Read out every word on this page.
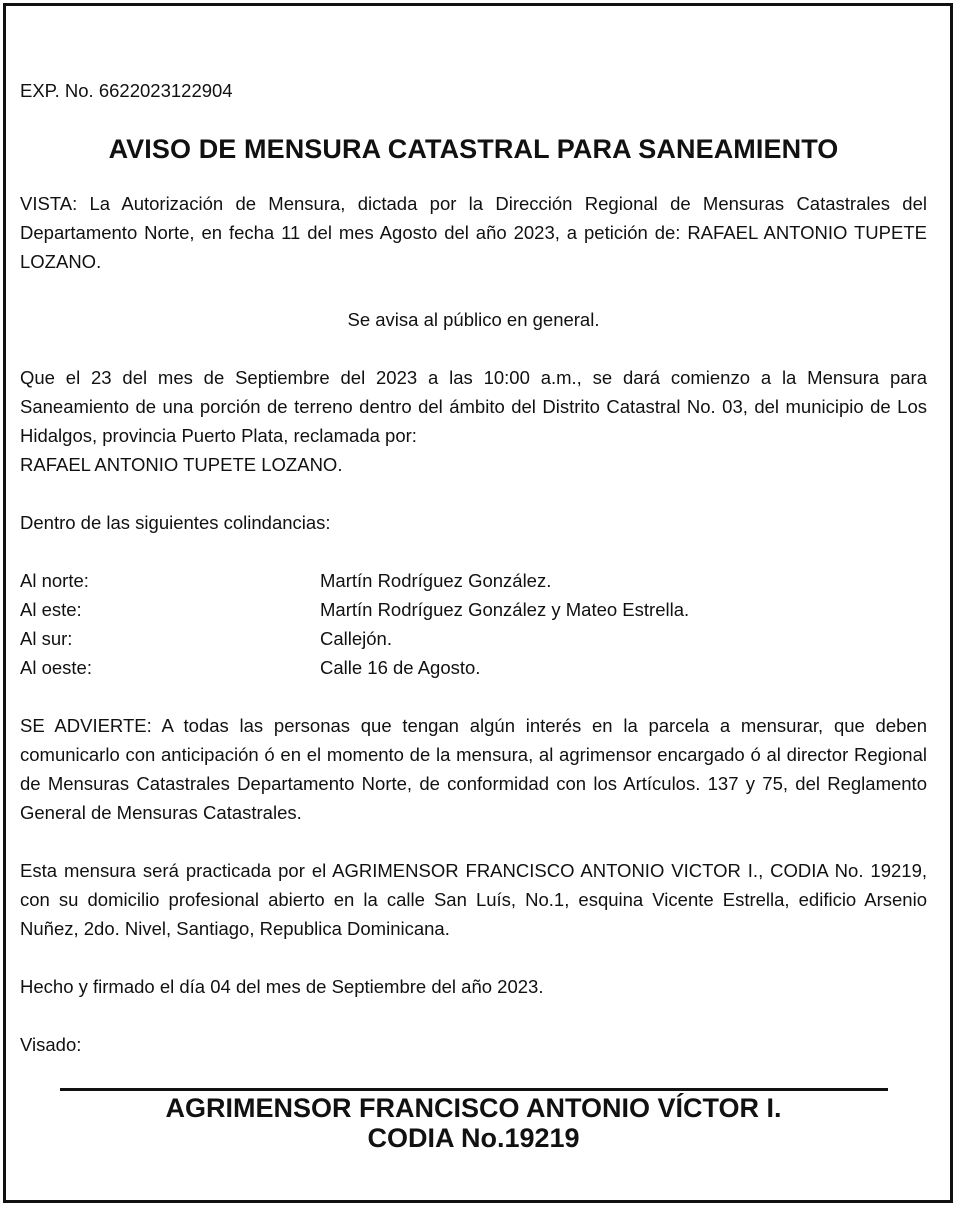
EXP. No. 6622023122904

AVISO DE MENSURA CATASTRAL PARA SANEAMIENTO

VISTA: La Autorización de Mensura, dictada por la Dirección Regional de Mensuras Catastrales del Departamento Norte, en fecha 11 del mes Agosto del año 2023, a petición de: RAFAEL ANTONIO TUPETE LOZANO.

Se avisa al público en general.

Que el 23 del mes de Septiembre del 2023 a las 10:00 a.m., se dará comienzo a la Mensura para Saneamiento de una porción de terreno dentro del ámbito del Distrito Catastral No. 03, del municipio de Los Hidalgos, provincia Puerto Plata, reclamada por:

RAFAEL ANTONIO TUPETE LOZANO.

Dentro de las siguientes colindancias:

Al norte:	Martín Rodríguez González.
Al este:	Martín Rodríguez González y Mateo Estrella.
Al sur:	Callejón.
Al oeste:	Calle 16 de Agosto.

SE ADVIERTE: A todas las personas que tengan algún interés en la parcela a mensurar, que deben comunicarlo con anticipación ó en el momento de la mensura, al agrimensor encargado ó al director Regional de Mensuras Catastrales Departamento Norte, de conformidad con los Artículos. 137 y 75, del Reglamento General de Mensuras Catastrales.

Esta mensura será practicada por el AGRIMENSOR FRANCISCO ANTONIO VICTOR I., CODIA No. 19219, con su domicilio profesional abierto en la calle San Luís, No.1, esquina Vicente Estrella, edificio Arsenio Nuñez, 2do. Nivel, Santiago, Republica Dominicana.

Hecho y firmado el día 04 del mes de Septiembre del año 2023.

Visado:

AGRIMENSOR FRANCISCO ANTONIO VÍCTOR I.
CODIA No.19219
